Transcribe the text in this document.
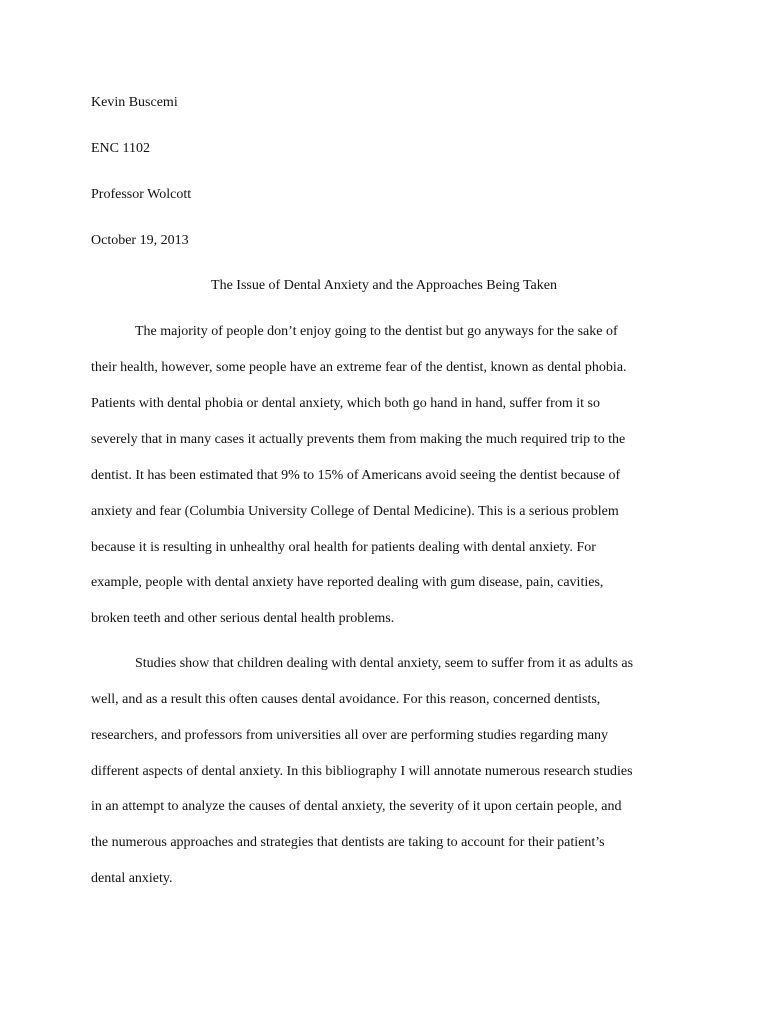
Kevin Buscemi
ENC 1102
Professor Wolcott
October 19, 2013
The Issue of Dental Anxiety and the Approaches Being Taken
The majority of people don’t enjoy going to the dentist but go anyways for the sake of
their health, however, some people have an extreme fear of the dentist, known as dental phobia.
Patients with dental phobia or dental anxiety, which both go hand in hand, suffer from it so
severely that in many cases it actually prevents them from making the much required trip to the
dentist. It has been estimated that 9% to 15% of Americans avoid seeing the dentist because of
anxiety and fear (Columbia University College of Dental Medicine). This is a serious problem
because it is resulting in unhealthy oral health for patients dealing with dental anxiety. For
example, people with dental anxiety have reported dealing with gum disease, pain, cavities,
broken teeth and other serious dental health problems.
Studies show that children dealing with dental anxiety, seem to suffer from it as adults as
well, and as a result this often causes dental avoidance. For this reason, concerned dentists,
researchers, and professors from universities all over are performing studies regarding many
different aspects of dental anxiety. In this bibliography I will annotate numerous research studies
in an attempt to analyze the causes of dental anxiety, the severity of it upon certain people, and
the numerous approaches and strategies that dentists are taking to account for their patient’s
dental anxiety.
